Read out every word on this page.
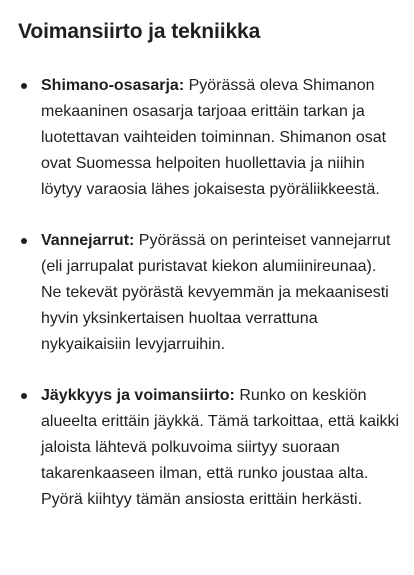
Voimansiirto ja tekniikka
Shimano-osasarja: Pyörässä oleva Shimanon mekaaninen osasarja tarjoaa erittäin tarkan ja luotettavan vaihteiden toiminnan. Shimanon osat ovat Suomessa helpoiten huollettavia ja niihin löytyy varaosia lähes jokaisesta pyöräliikkeestä.
Vannejarrut: Pyörässä on perinteiset vannejarrut (eli jarrupalat puristavat kiekon alumiinireunaa). Ne tekevät pyörästä kevyemmän ja mekaanisesti hyvin yksinkertaisen huoltaa verrattuna nykyaikaisiin levyjarruihin.
Jäykkyys ja voimansiirto: Runko on keskiön alueelta erittäin jäykkä. Tämä tarkoittaa, että kaikki jaloista lähtevä polkuvoima siirtyy suoraan takarenkaaseen ilman, että runko joustaa alta. Pyörä kiihtyy tämän ansiosta erittäin herkästi.
